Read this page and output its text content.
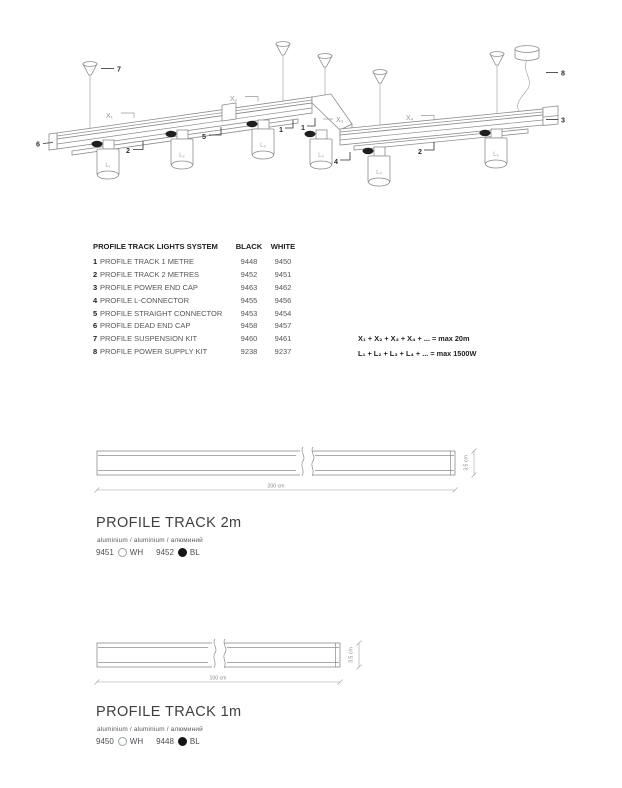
L₁
L₂
L₃
L₄
L₅
L₆
X₁
X₂
X₃	X₄
7
6
2
5
1	1
4
2
3
8
PROFILE TRACK LIGHTS SYSTEM	BLACK	WHITE
1 PROFILE TRACK 1 METRE	9448	9450
2 PROFILE TRACK 2 METRES	9452	9451
3 PROFILE POWER END CAP	9463	9462
4 PROFILE L-CONNECTOR	9455	9456
5 PROFILE STRAIGHT CONNECTOR	9453	9454
6 PROFILE DEAD END CAP	9458	9457
7 PROFILE SUSPENSION KIT	9460	9461
8 PROFILE POWER SUPPLY KIT	9238	9237
X₁ + X₂ + X₃ + X₄ + ... = max 20m
L₁ + L₂ + L₃ + L₄ + ... = max 1500W
200 cm
3.5 cm
PROFILE TRACK 2m
aluminium / aluminium / алюминий
9451 WH 9452 BL
100 cm
3.5 cm
PROFILE TRACK 1m
aluminium / aluminium / алюминий
9450 WH 9448 BL
